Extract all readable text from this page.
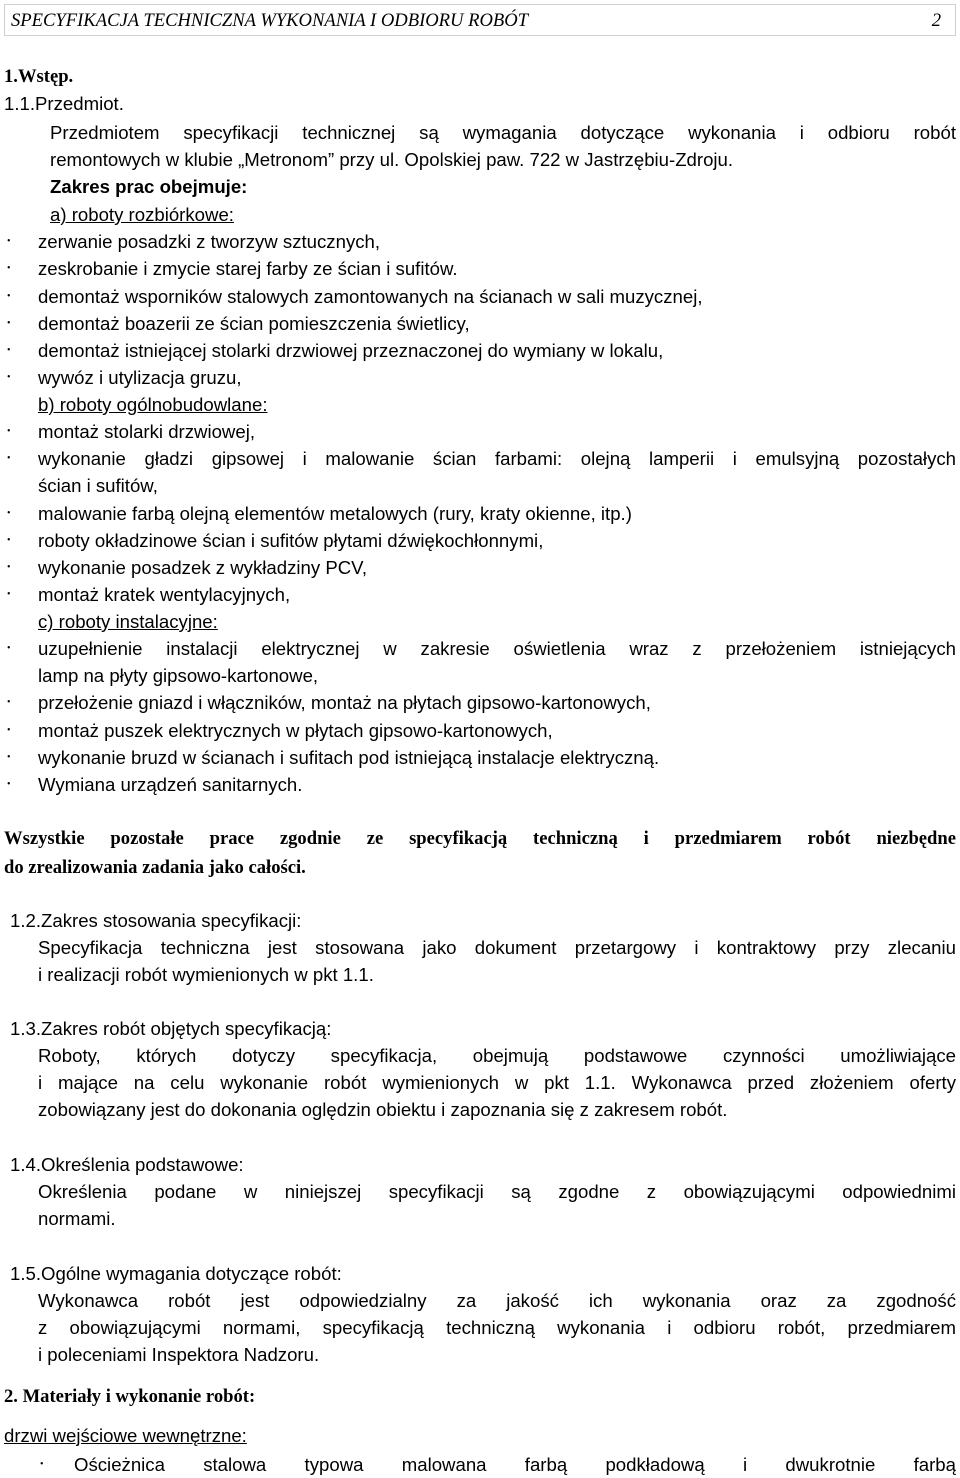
SPECYFIKACJA TECHNICZNA WYKONANIA I ODBIORU ROBÓT	2
1.Wstęp.
1.1.Przedmiot.
Przedmiotem specyfikacji technicznej są wymagania dotyczące wykonania i odbioru robót
remontowych w klubie „Metronom” przy ul. Opolskiej paw. 722 w Jastrzębiu-Zdroju.
Zakres prac obejmuje:
a) roboty rozbiórkowe:
• zerwanie posadzki z tworzyw sztucznych,
• zeskrobanie i zmycie starej farby ze ścian i sufitów.
• demontaż wsporników stalowych zamontowanych na ścianach w sali muzycznej,
• demontaż boazerii ze ścian pomieszczenia świetlicy,
• demontaż istniejącej stolarki drzwiowej przeznaczonej do wymiany w lokalu,
• wywóz i utylizacja gruzu,
b) roboty ogólnobudowlane:
• montaż stolarki drzwiowej,
• wykonanie gładzi gipsowej i malowanie ścian farbami: olejną lamperii i emulsyjną pozostałych
ścian i sufitów,
• malowanie farbą olejną elementów metalowych (rury, kraty okienne, itp.)
• roboty okładzinowe ścian i sufitów płytami dźwiękochłonnymi,
• wykonanie posadzek z wykładziny PCV,
• montaż kratek wentylacyjnych,
c) roboty instalacyjne:
• uzupełnienie instalacji elektrycznej w zakresie oświetlenia wraz z przełożeniem istniejących
lamp na płyty gipsowo-kartonowe,
• przełożenie gniazd i włączników, montaż na płytach gipsowo-kartonowych,
• montaż puszek elektrycznych w płytach gipsowo-kartonowych,
• wykonanie bruzd w ścianach i sufitach pod istniejącą instalacje elektryczną.
• Wymiana urządzeń sanitarnych.
Wszystkie pozostałe prace zgodnie ze specyfikacją techniczną i przedmiarem robót niezbędne
do zrealizowania zadania jako całości.
1.2.Zakres stosowania specyfikacji:
Specyfikacja techniczna jest stosowana jako dokument przetargowy i kontraktowy przy zlecaniu
i realizacji robót wymienionych w pkt 1.1.
1.3.Zakres robót objętych specyfikacją:
Roboty, których dotyczy specyfikacja, obejmują podstawowe czynności umożliwiające
i mające na celu wykonanie robót wymienionych w pkt 1.1. Wykonawca przed złożeniem oferty
zobowiązany jest do dokonania oględzin obiektu i zapoznania się z zakresem robót.
1.4.Określenia podstawowe:
Określenia podane w niniejszej specyfikacji są zgodne z obowiązującymi odpowiednimi
normami.
1.5.Ogólne wymagania dotyczące robót:
Wykonawca robót jest odpowiedzialny za jakość ich wykonania oraz za zgodność
z obowiązującymi normami, specyfikacją techniczną wykonania i odbioru robót, przedmiarem
i poleceniami Inspektora Nadzoru.
2. Materiały i wykonanie robót:
drzwi wejściowe wewnętrzne:
• Ościeżnica stalowa typowa malowana farbą podkładową i dwukrotnie farbą
